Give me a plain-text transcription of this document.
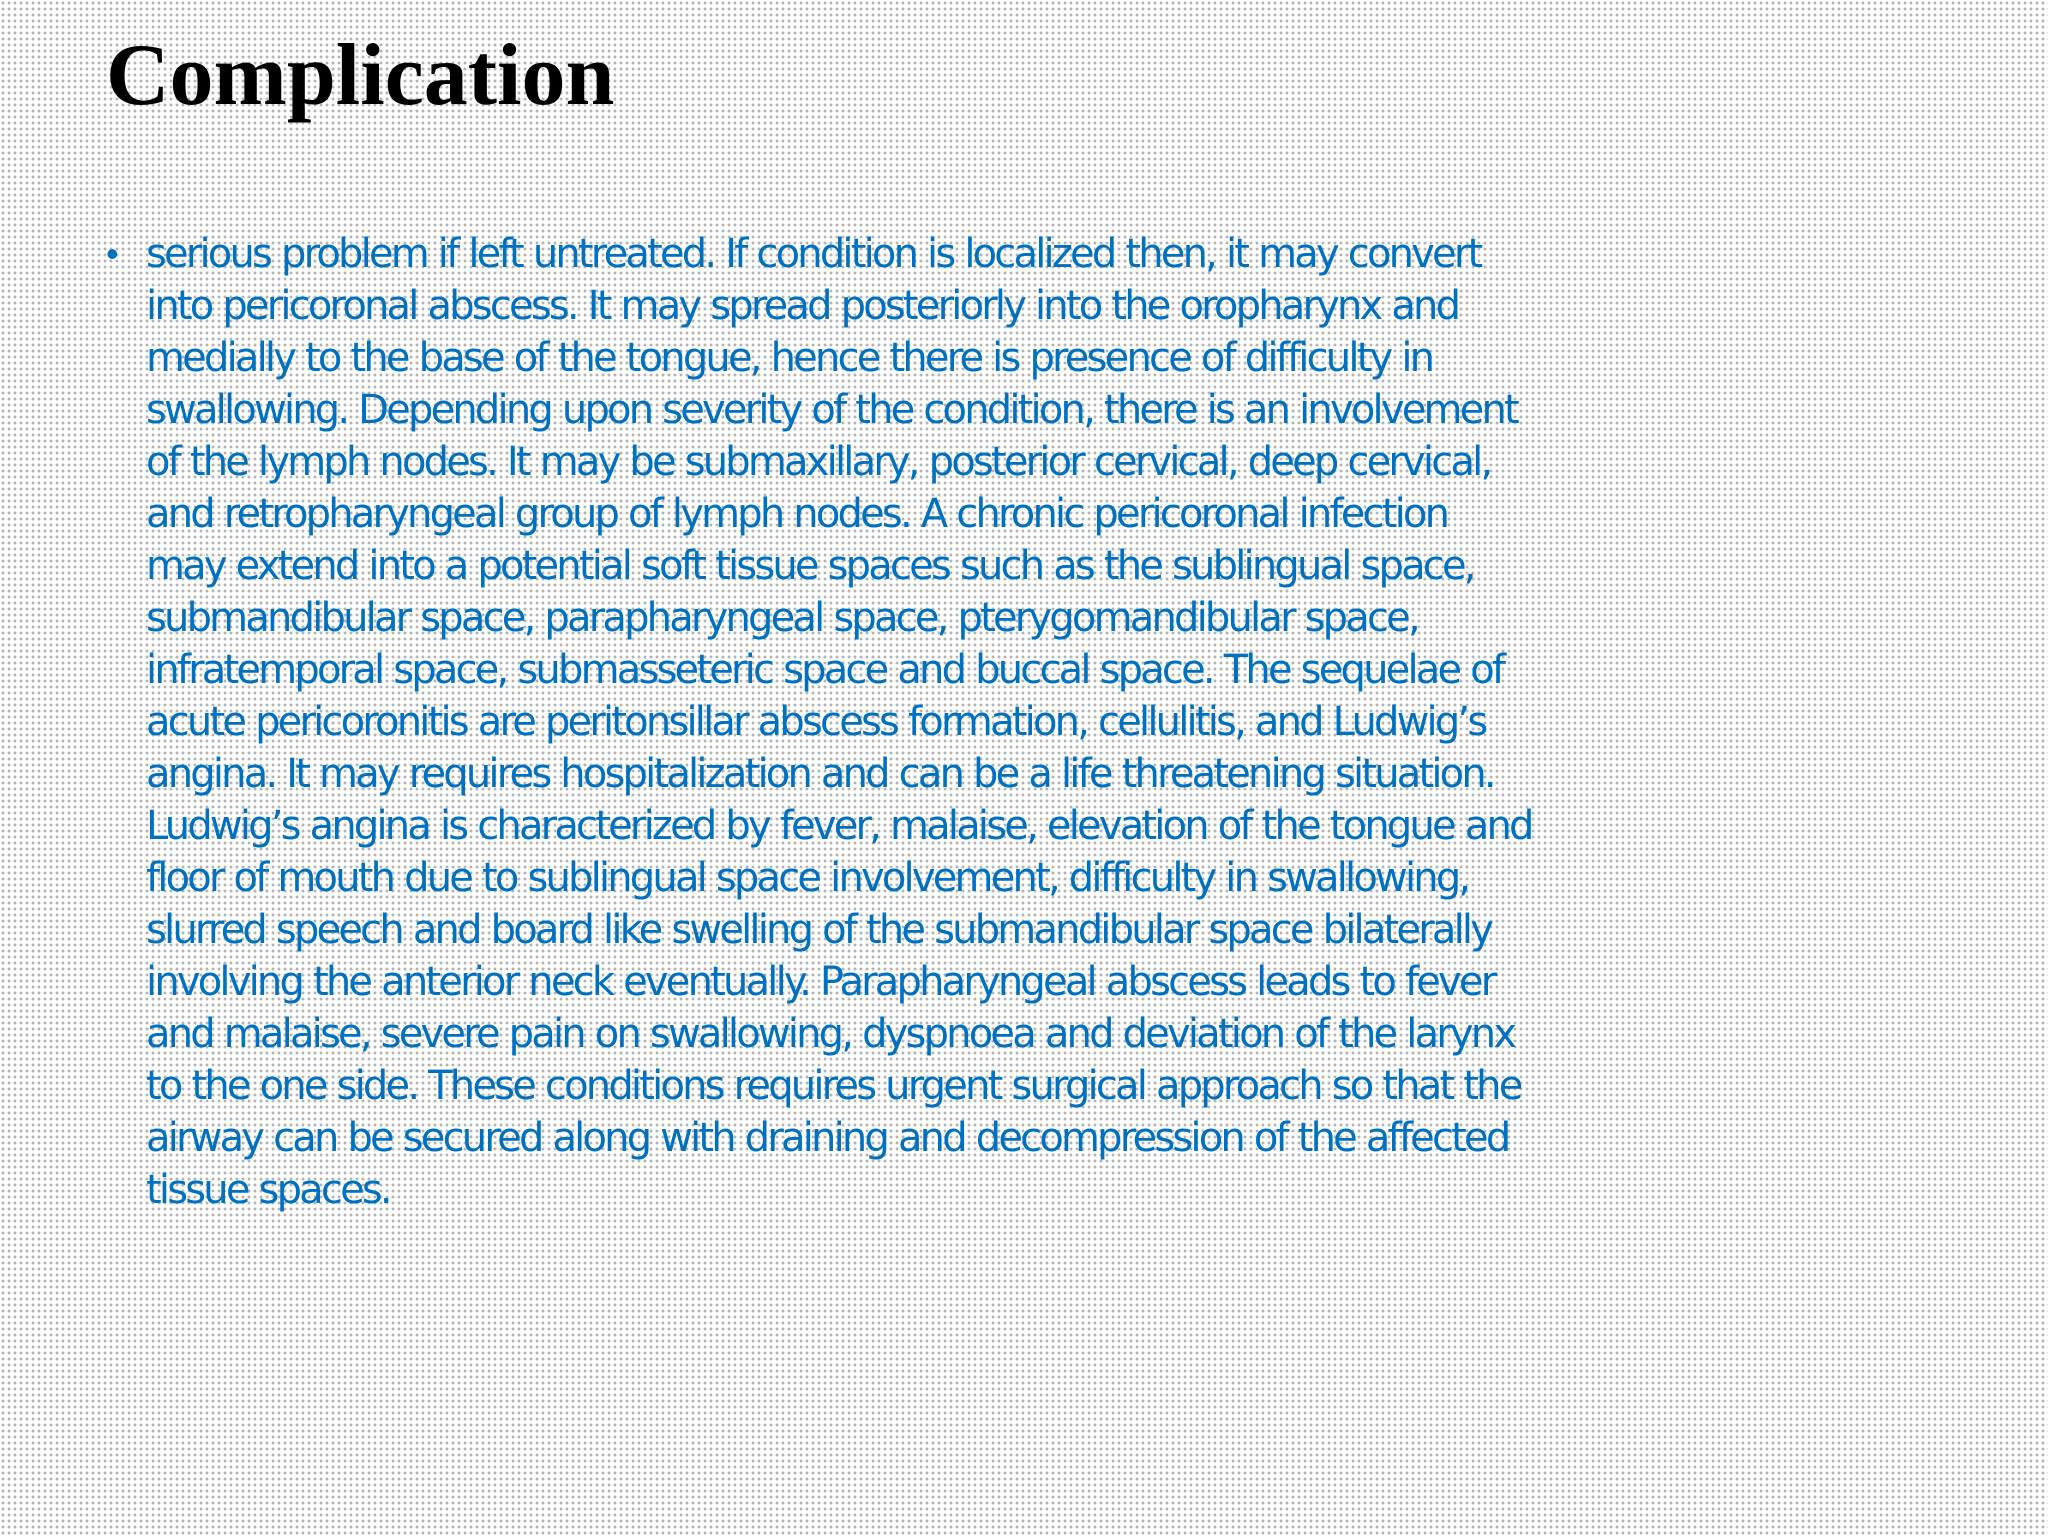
Complication
• serious problem if left untreated. If condition is localized then, it may convert
into pericoronal abscess. It may spread posteriorly into the oropharynx and
medially to the base of the tongue, hence there is presence of difficulty in
swallowing. Depending upon severity of the condition, there is an involvement
of the lymph nodes. It may be submaxillary, posterior cervical, deep cervical,
and retropharyngeal group of lymph nodes. A chronic pericoronal infection
may extend into a potential soft tissue spaces such as the sublingual space,
submandibular space, parapharyngeal space, pterygomandibular space,
infratemporal space, submasseteric space and buccal space. The sequelae of
acute pericoronitis are peritonsillar abscess formation, cellulitis, and Ludwig’s
angina. It may requires hospitalization and can be a life threatening situation.
Ludwig’s angina is characterized by fever, malaise, elevation of the tongue and
floor of mouth due to sublingual space involvement, difficulty in swallowing,
slurred speech and board like swelling of the submandibular space bilaterally
involving the anterior neck eventually. Parapharyngeal abscess leads to fever
and malaise, severe pain on swallowing, dyspnoea and deviation of the larynx
to the one side. These conditions requires urgent surgical approach so that the
airway can be secured along with draining and decompression of the affected
tissue spaces.
